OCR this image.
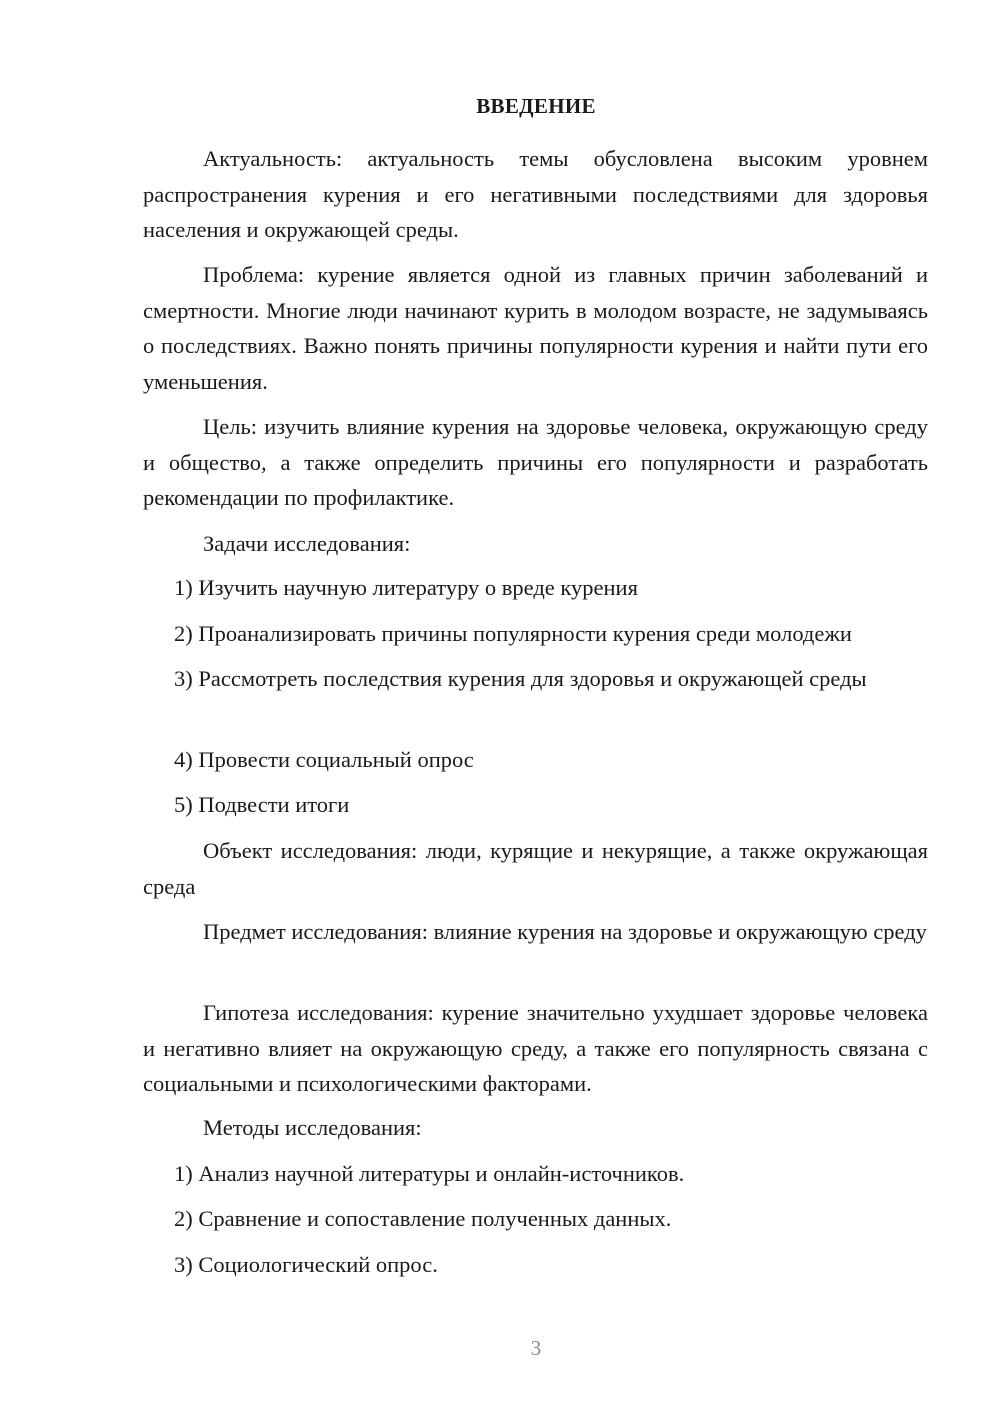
ВВЕДЕНИЕ

Актуальность: актуальность темы обусловлена высоким уровнем распространения курения и его негативными последствиями для здоровья населения и окружающей среды.

Проблема: курение является одной из главных причин заболеваний и смертности. Многие люди начинают курить в молодом возрасте, не задумываясь о последствиях. Важно понять причины популярности курения и найти пути его уменьшения.

Цель: изучить влияние курения на здоровье человека, окружающую среду и общество, а также определить причины его популярности и разработать рекомендации по профилактике.

Задачи исследования:

1) Изучить научную литературу о вреде курения

2) Проанализировать причины популярности курения среди молодежи

3) Рассмотреть последствия курения для здоровья и окружающей среды

4) Провести социальный опрос

5) Подвести итоги

Объект исследования: люди, курящие и некурящие, а также окружающая среда

Предмет исследования: влияние курения на здоровье и окружающую среду

Гипотеза исследования: курение значительно ухудшает здоровье человека и негативно влияет на окружающую среду, а также его популярность связана с социальными и психологическими факторами.

Методы исследования:

1) Анализ научной литературы и онлайн-источников.

2) Сравнение и сопоставление полученных данных.

3) Социологический опрос.

3
